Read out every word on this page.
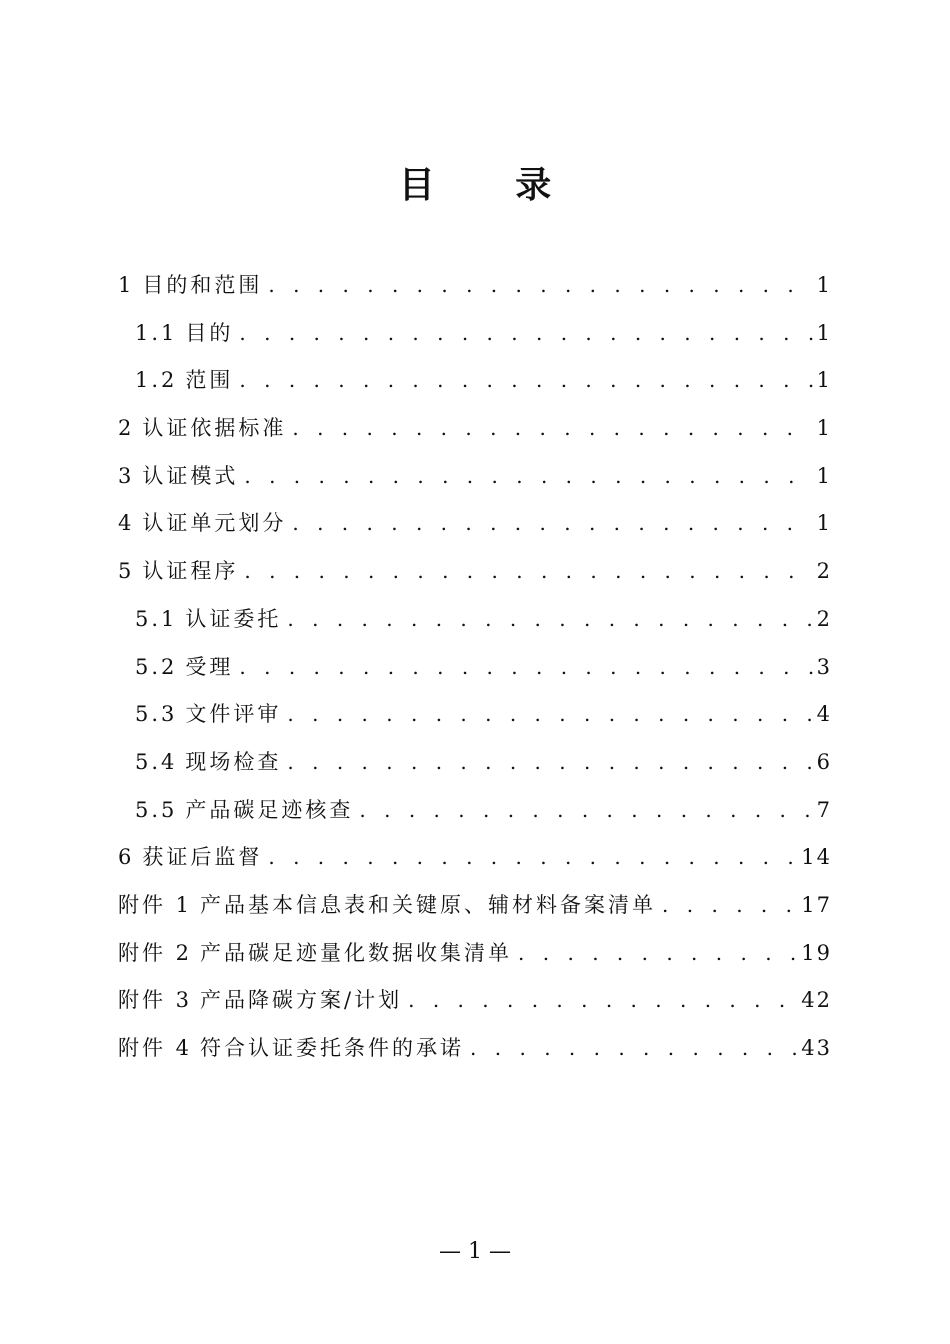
目 录
1 目的和范围 . . .	1
1.1 目的 . . .	1
1.2 范围 . . .	1
2 认证依据标准 . . .	1
3 认证模式 . . .	1
4 认证单元划分 . . .	1
5 认证程序 . . .	2
5.1 认证委托 . . .	2
5.2 受理 . . .	3
5.3 文件评审 . . .	4
5.4 现场检查 . . .	6
5.5 产品碳足迹核查 . . .	7
6 获证后监督 . . .	14
附件 1 产品基本信息表和关键原、辅材料备案清单 . . .	17
附件 2 产品碳足迹量化数据收集清单 . . .	19
附件 3 产品降碳方案/计划 . . .	42
附件 4 符合认证委托条件的承诺 . . .	43
— 1 —
